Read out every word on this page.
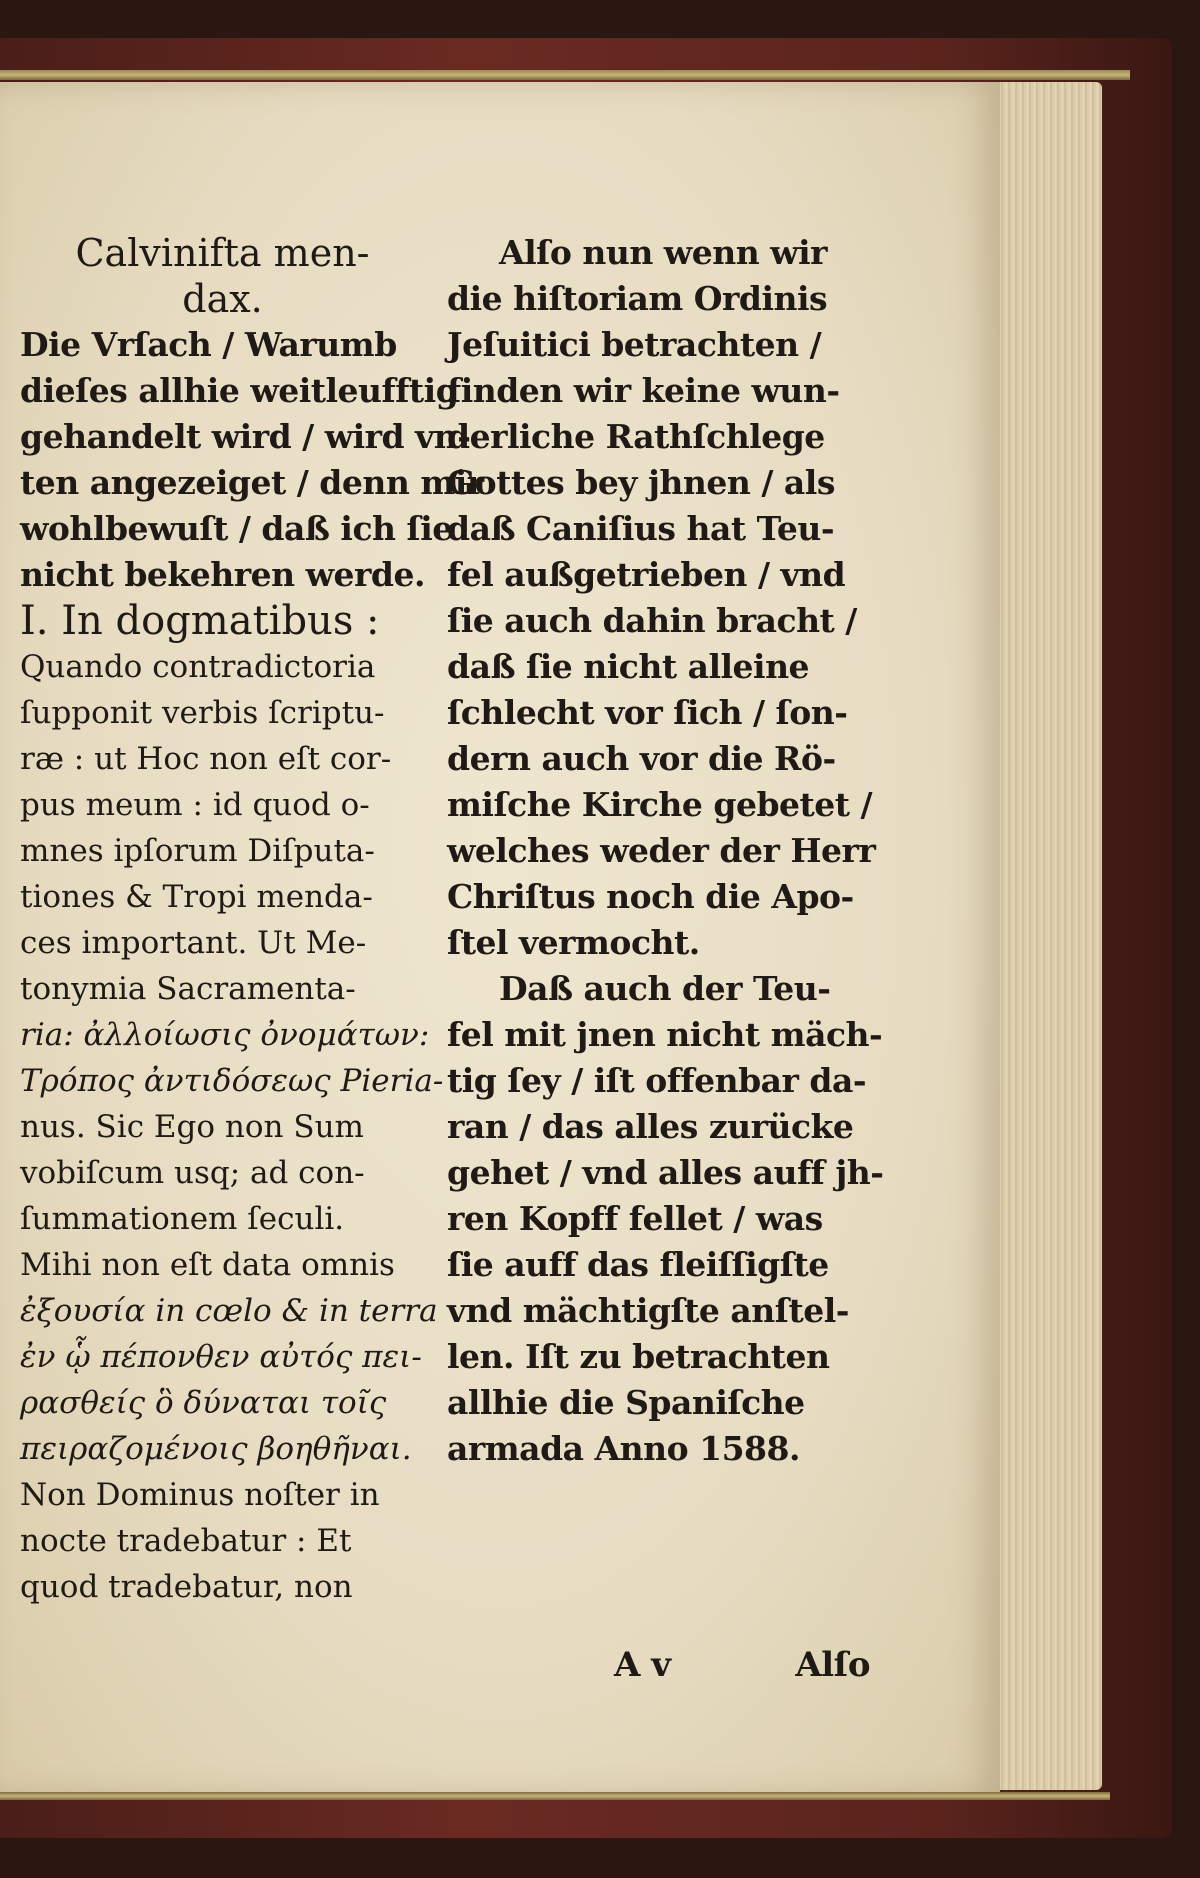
Calvinifta men-
dax.
Die Vrſach / Warumb
dieſes allhie weitleufftig
gehandelt wird / wird vn-
ten angezeiget / denn mir
wohlbewuſt / daß ich ſie
nicht bekehren werde.
I. In dogmatibus :
Quando contradictoria
ſupponit verbis ſcriptu-
ræ : ut Hoc non eſt cor-
pus meum : id quod o-
mnes ipſorum Diſputa-
tiones & Tropi menda-
ces important. Ut Me-
tonymia Sacramenta-
ria: ἀλλοίωσις ὀνομάτων:
Τρόπος ἀντιδόσεως Pieria-
nus. Sic Ego non Sum
vobiſcum usq; ad con-
ſummationem ſeculi.
Mihi non eſt data omnis
ἐξουσία in cœlo & in terra
ἐν ᾧ πέπονθεν αὐτός πει-
ρασθείς ὃ δύναται τοῖς
πειραζομένοις βοηθῆναι.
Non Dominus noſter in
nocte tradebatur : Et
quod tradebatur, non
Alſo nun wenn wir
die hiſtoriam Ordinis
Jeſuitici betrachten /
finden wir keine wun-
derliche Rathſchlege
Gottes bey jhnen / als
daß Caniſius hat Teu-
fel außgetrieben / vnd
ſie auch dahin bracht /
daß ſie nicht alleine
ſchlecht vor ſich / ſon-
dern auch vor die Rö-
miſche Kirche gebetet /
welches weder der Herr
Chriſtus noch die Apo-
ſtel vermocht.
Daß auch der Teu-
fel mit jnen nicht mäch-
tig ſey / iſt offenbar da-
ran / das alles zurücke
gehet / vnd alles auff jh-
ren Kopff fellet / was
ſie auff das fleiſſigſte
vnd mächtigſte anſtel-
len. Iſt zu betrachten
allhie die Spaniſche
armada Anno 1588.
A v	Alſo
